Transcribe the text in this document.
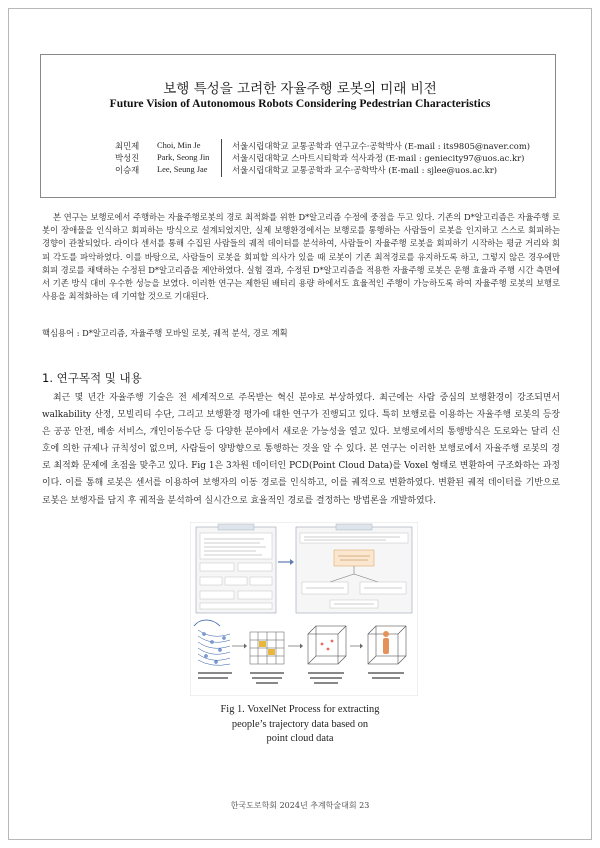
보행 특성을 고려한 자율주행 로봇의 미래 비전
Future Vision of Autonomous Robots Considering Pedestrian Characteristics
최민제	Choi, Min Je	서울시립대학교 교통공학과 연구교수·공학박사 (E-mail : its9805@naver.com)
박성진	Park, Seong Jin	서울시립대학교 스마트시티학과 석사과정 (E-mail : geniecity97@uos.ac.kr)
이승재	Lee, Seung Jae	서울시립대학교 교통공학과 교수·공학박사 (E-mail : sjlee@uos.ac.kr)

본 연구는 보행로에서 주행하는 자율주행로봇의 경로 최적화를 위한 D*알고리즘 수정에 중점을 두고 있다. 기존의 D*알고리즘은 자율주행 로봇이 장애물을 인식하고 회피하는 방식으로 설계되었지만, 실제 보행환경에서는 보행로를 통행하는 사람들이 로봇을 인지하고 스스로 회피하는 경향이 관찰되었다. 라이다 센서를 통해 수집된 사람들의 궤적 데이터를 분석하여, 사람들이 자율주행 로봇을 회피하기 시작하는 평균 거리와 회피 각도를 파악하였다. 이를 바탕으로, 사람들이 로봇을 회피할 의사가 있을 때 로봇이 기존 최적경로를 유지하도록 하고, 그렇지 않은 경우에만 회피 경로를 채택하는 수정된 D*알고리즘을 제안하였다. 실험 결과, 수정된 D*알고리즘을 적용한 자율주행 로봇은 운행 효율과 주행 시간 측면에서 기존 방식 대비 우수한 성능을 보였다. 이러한 연구는 제한된 배터리 용량 하에서도 효율적인 주행이 가능하도록 하여 자율주행 로봇의 보행로 사용을 최적화하는 데 기여할 것으로 기대된다.

핵심용어 : D*알고리즘, 자율주행 모바일 로봇, 궤적 분석, 경로 계획
1. 연구목적 및 내용

최근 몇 년간 자율주행 기술은 전 세계적으로 주목받는 혁신 분야로 부상하였다. 최근에는 사람 중심의 보행환경이 강조되면서 walkability 산정, 모빌리티 수단, 그리고 보행환경 평가에 대한 연구가 진행되고 있다. 특히 보행로를 이용하는 자율주행 로봇의 등장은 공공 안전, 배송 서비스, 개인이동수단 등 다양한 분야에서 새로운 가능성을 열고 있다. 보행로에서의 통행방식은 도로와는 달리 신호에 의한 규제나 규칙성이 없으며, 사람들이 양방향으로 통행하는 것을 알 수 있다. 본 연구는 이러한 보행로에서 자율주행 로봇의 경로 최적화 문제에 초점을 맞추고 있다. Fig 1은 3차원 데이터인 PCD(Point Cloud Data)를 Voxel 형태로 변환하여 구조화하는 과정이다. 이를 통해 로봇은 센서를 이용하여 보행자의 이동 경로를 인식하고, 이를 궤적으로 변환하였다. 변환된 궤적 데이터를 기반으로 로봇은 보행자를 담지 후 궤적을 분석하여 실시간으로 효율적인 경로를 결정하는 방법론을 개발하였다.

Fig 1. VoxelNet Process for extracting
people’s trajectory data based on
point cloud data
한국도로학회 2024년 추계학술대회 23
